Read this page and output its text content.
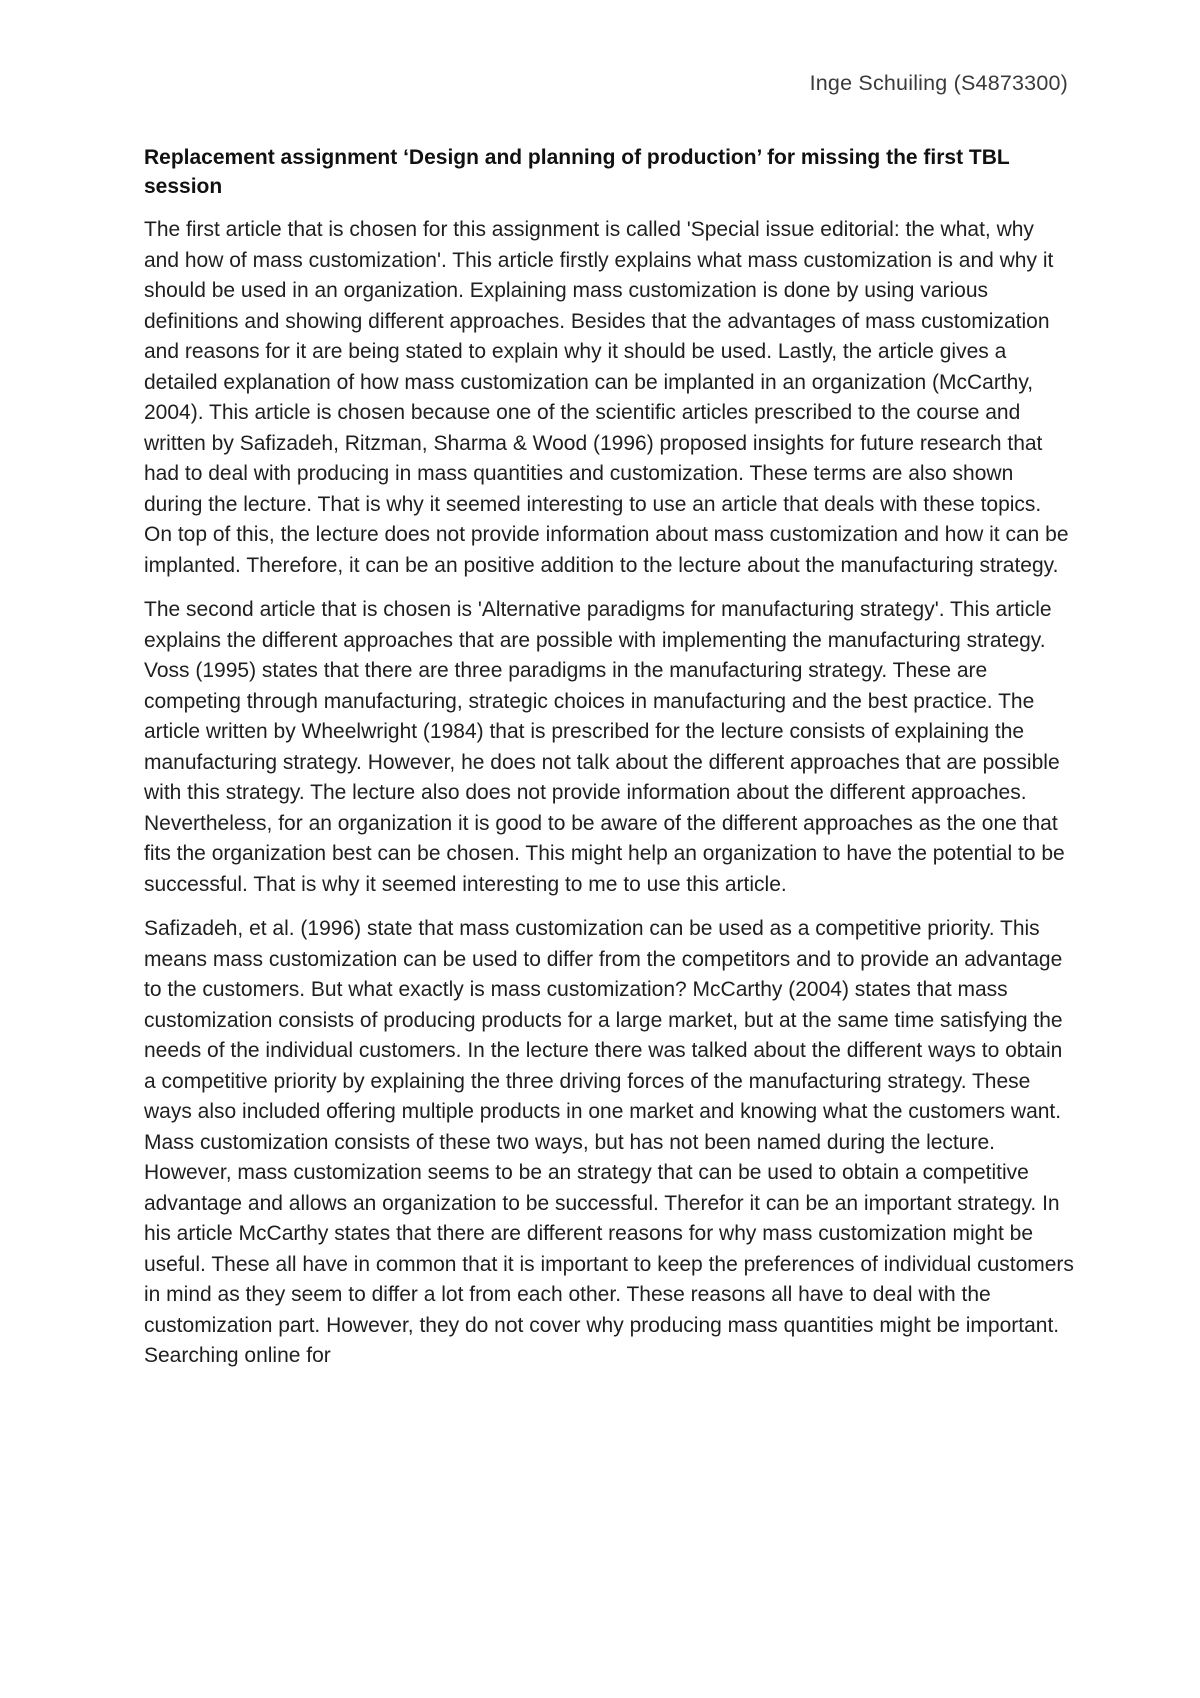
Inge Schuiling (S4873300)
Replacement assignment ‘Design and planning of production’ for missing the first TBL session

The first article that is chosen for this assignment is called 'Special issue editorial: the what, why and how of mass customization'. This article firstly explains what mass customization is and why it should be used in an organization. Explaining mass customization is done by using various definitions and showing different approaches. Besides that the advantages of mass customization and reasons for it are being stated to explain why it should be used. Lastly, the article gives a detailed explanation of how mass customization can be implanted in an organization (McCarthy, 2004). This article is chosen because one of the scientific articles prescribed to the course and written by Safizadeh, Ritzman, Sharma & Wood (1996) proposed insights for future research that had to deal with producing in mass quantities and customization. These terms are also shown during the lecture. That is why it seemed interesting to use an article that deals with these topics. On top of this, the lecture does not provide information about mass customization and how it can be implanted. Therefore, it can be an positive addition to the lecture about the manufacturing strategy.

The second article that is chosen is 'Alternative paradigms for manufacturing strategy'. This article explains the different approaches that are possible with implementing the manufacturing strategy. Voss (1995) states that there are three paradigms in the manufacturing strategy. These are competing through manufacturing, strategic choices in manufacturing and the best practice. The article written by Wheelwright (1984) that is prescribed for the lecture consists of explaining the manufacturing strategy. However, he does not talk about the different approaches that are possible with this strategy. The lecture also does not provide information about the different approaches. Nevertheless, for an organization it is good to be aware of the different approaches as the one that fits the organization best can be chosen. This might help an organization to have the potential to be successful. That is why it seemed interesting to me to use this article.

Safizadeh, et al. (1996) state that mass customization can be used as a competitive priority. This means mass customization can be used to differ from the competitors and to provide an advantage to the customers. But what exactly is mass customization? McCarthy (2004) states that mass customization consists of producing products for a large market, but at the same time satisfying the needs of the individual customers. In the lecture there was talked about the different ways to obtain a competitive priority by explaining the three driving forces of the manufacturing strategy. These ways also included offering multiple products in one market and knowing what the customers want. Mass customization consists of these two ways, but has not been named during the lecture. However, mass customization seems to be an strategy that can be used to obtain a competitive advantage and allows an organization to be successful. Therefor it can be an important strategy. In his article McCarthy states that there are different reasons for why mass customization might be useful. These all have in common that it is important to keep the preferences of individual customers in mind as they seem to differ a lot from each other. These reasons all have to deal with the customization part. However, they do not cover why producing mass quantities might be important. Searching online for
